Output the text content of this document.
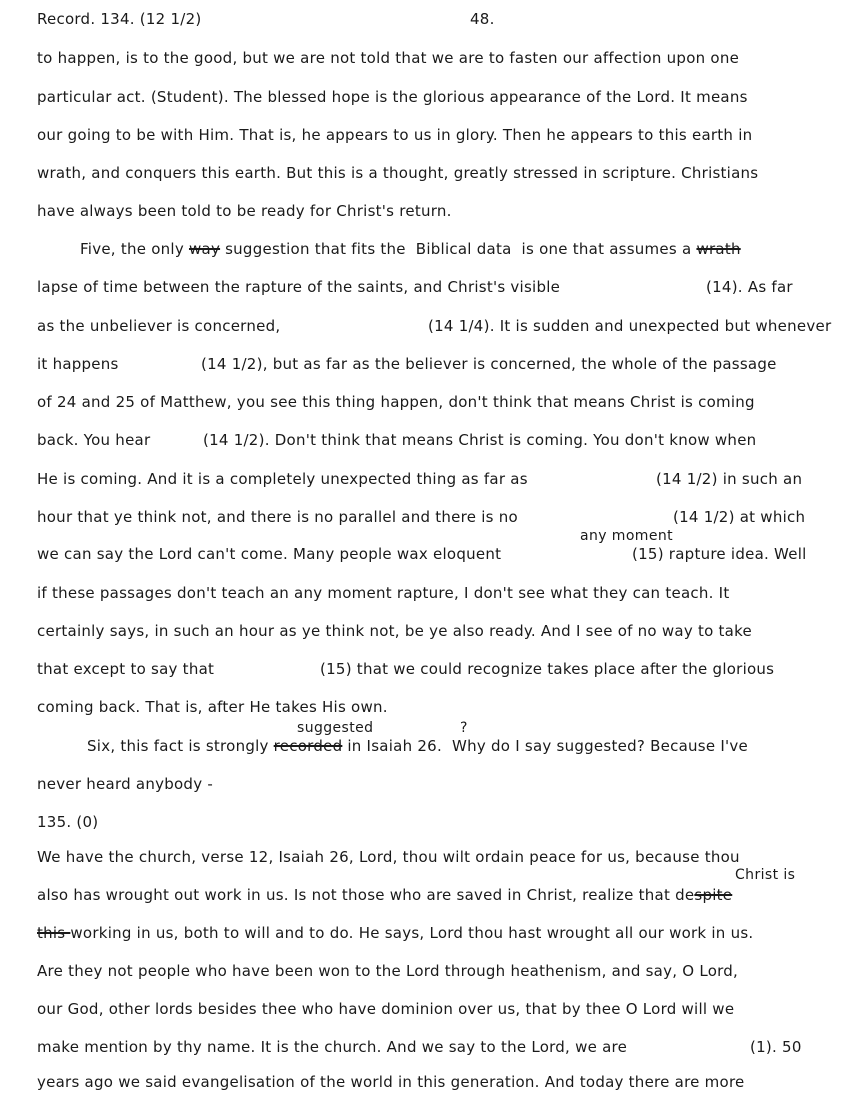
Record. 134. (12 1/2)	48.
to happen, is to the good, but we are not told that we are to fasten our affection upon one
particular act. (Student). The blessed hope is the glorious appearance of the Lord. It means
our going to be with Him. That is, he appears to us in glory. Then he appears to this earth in
wrath, and conquers this earth. But this is a thought, greatly stressed in scripture. Christians
have always been told to be ready for Christ's return.
Five, the only way suggestion that fits the  Biblical data  is one that assumes a wrath
lapse of time between the rapture of the saints, and Christ's visible	(14). As far
as the unbeliever is concerned,	(14 1/4). It is sudden and unexpected but whenever
it happens	(14 1/2), but as far as the believer is concerned, the whole of the passage
of 24 and 25 of Matthew, you see this thing happen, don't think that means Christ is coming
back. You hear	(14 1/2). Don't think that means Christ is coming. You don't know when
He is coming. And it is a completely unexpected thing as far as	(14 1/2) in such an
hour that ye think not, and there is no parallel and there is no	(14 1/2) at which
any moment
we can say the Lord can't come. Many people wax eloquent	(15) rapture idea. Well
if these passages don't teach an any moment rapture, I don't see what they can teach. It
certainly says, in such an hour as ye think not, be ye also ready. And I see of no way to take
that except to say that	(15) that we could recognize takes place after the glorious
coming back. That is, after He takes His own.
suggested	?
Six, this fact is strongly recorded in Isaiah 26.  Why do I say suggested? Because I've
never heard anybody -
135. (0)
We have the church, verse 12, Isaiah 26, Lord, thou wilt ordain peace for us, because thou
Christ is
also has wrought out work in us. Is not those who are saved in Christ, realize that despite
this working in us, both to will and to do. He says, Lord thou hast wrought all our work in us.
Are they not people who have been won to the Lord through heathenism, and say, O Lord,
our God, other lords besides thee who have dominion over us, that by thee O Lord will we
make mention by thy name. It is the church. And we say to the Lord, we are	(1). 50
years ago we said evangelisation of the world in this generation. And today there are more
